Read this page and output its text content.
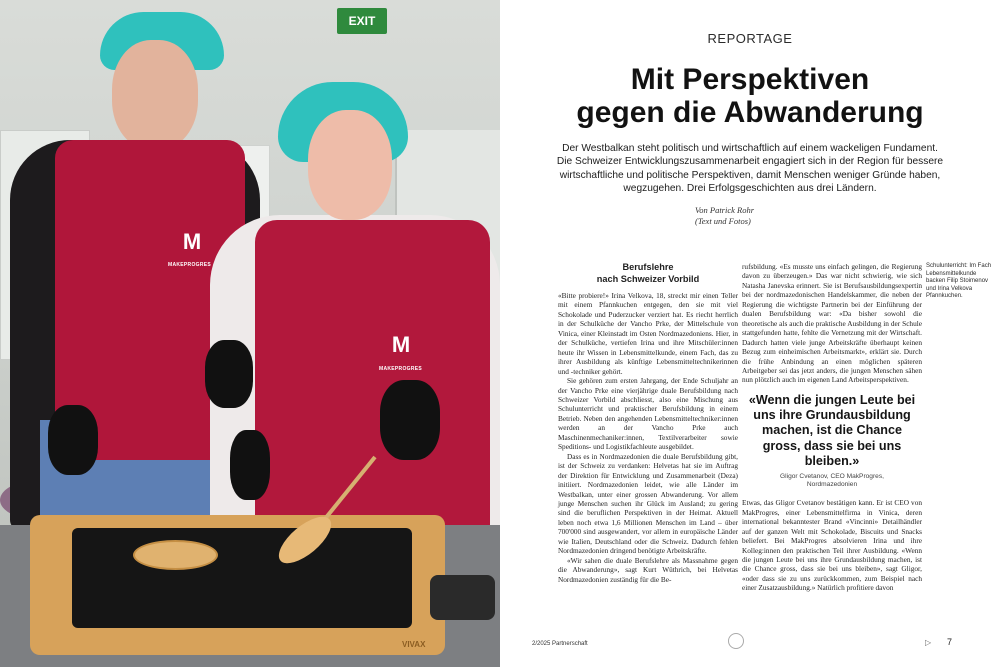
EXIT
M
MAKEPROGRES
M
MAKEPROGRES
VIVAX
REPORTAGE
Mit Perspektiven
gegen die Abwanderung

Der Westbalkan steht politisch und wirtschaftlich auf einem wackeligen Fundament. Die Schweizer Entwicklungszusammenarbeit engagiert sich in der Region für bessere wirtschaftliche und politische Perspektiven, damit Menschen weniger Gründe haben, wegzugehen. Drei Erfolgsgeschichten aus drei Ländern.

Von Patrick Rohr
(Text und Fotos)
Berufslehre
nach Schweizer Vorbild

«Bitte probiere!» Irina Velkova, 18, streckt mir einen Teller mit einem Pfannkuchen entgegen, den sie mit viel Schokolade und Puderzucker verziert hat. Es riecht herrlich in der Schulküche der Vancho Prke, der Mittelschule von Vinica, einer Kleinstadt im Osten Nordmazedoniens. Hier, in der Schulküche, vertiefen Irina und ihre Mitschüler:innen heute ihr Wissen in Lebensmittelkunde, einem Fach, das zu ihrer Ausbildung als künftige Lebensmitteltechnikerinnen und -techniker gehört.

Sie gehören zum ersten Jahrgang, der Ende Schuljahr an der Vancho Prke eine vierjährige duale Berufsbildung nach Schweizer Vorbild abschliesst, also eine Mischung aus Schulunterricht und praktischer Berufsbildung in einem Betrieb. Neben den angehenden Lebensmitteltechniker:innen werden an der Vancho Prke auch Maschinenmechaniker:innen, Textilverarbeiter sowie Speditions- und Logistikfachleute ausgebildet.

Dass es in Nordmazedonien die duale Berufsbildung gibt, ist der Schweiz zu verdanken: Helvetas hat sie im Auftrag der Direktion für Entwicklung und Zusammenarbeit (Deza) initiiert. Nordmazedonien leidet, wie alle Länder im Westbalkan, unter einer grossen Abwanderung. Vor allem junge Menschen suchen ihr Glück im Ausland; zu gering sind die beruflichen Perspektiven in der Heimat. Aktuell leben noch etwa 1,6 Millionen Menschen im Land – über 700'000 sind ausgewandert, vor allem in europäische Länder wie Italien, Deutschland oder die Schweiz. Dadurch fehlen Nordmazedonien dringend benötigte Arbeitskräfte.

«Wir sahen die duale Berufslehre als Massnahme gegen die Abwanderung», sagt Kurt Wüthrich, bei Helvetas Nordmazedonien zuständig für die Be-

rufsbildung. «Es musste uns einfach gelingen, die Regierung davon zu überzeugen.» Das war nicht schwierig, wie sich Natasha Janevska erinnert. Sie ist Berufsausbildungsexpertin bei der nordmazedonischen Handelskammer, die neben der Regierung die wichtigste Partnerin bei der Einführung der dualen Berufsbildung war: «Da bisher sowohl die theoretische als auch die praktische Ausbildung in der Schule stattgefunden hatte, fehlte die Vernetzung mit der Wirtschaft. Dadurch hatten viele junge Arbeitskräfte überhaupt keinen Bezug zum einheimischen Arbeitsmarkt», erklärt sie. Durch die frühe Anbindung an einen möglichen späteren Arbeitgeber sei das jetzt anders, die jungen Menschen sähen nun plötzlich auch im eigenen Land Arbeitsperspektiven.

«Wenn die jungen Leute bei uns ihre Grundausbildung machen, ist die Chance gross, dass sie bei uns bleiben.»
Gligor Cvetanov, CEO MakProgres,
Nordmazedonien

Etwas, das Gligor Cvetanov bestätigen kann. Er ist CEO von MakProgres, einer Lebensmittelfirma in Vinica, deren international bekanntester Brand «Vincinni» Detailhändler auf der ganzen Welt mit Schokolade, Biscuits und Snacks beliefert. Bei MakProgres absolvieren Irina und ihre Kolleg:innen den praktischen Teil ihrer Ausbildung. «Wenn die jungen Leute bei uns ihre Grundausbildung machen, ist die Chance gross, dass sie bei uns bleiben», sagt Gligor, «oder dass sie zu uns zurückkommen, zum Beispiel nach einer Zusatzausbildung.» Natürlich profitiere davon

Schulunterricht: Im Fach Lebensmittelkunde backen Filip Stoimenov und Irina Velkova Pfannkuchen.
▷
2/2025 Partnerschaft	7
